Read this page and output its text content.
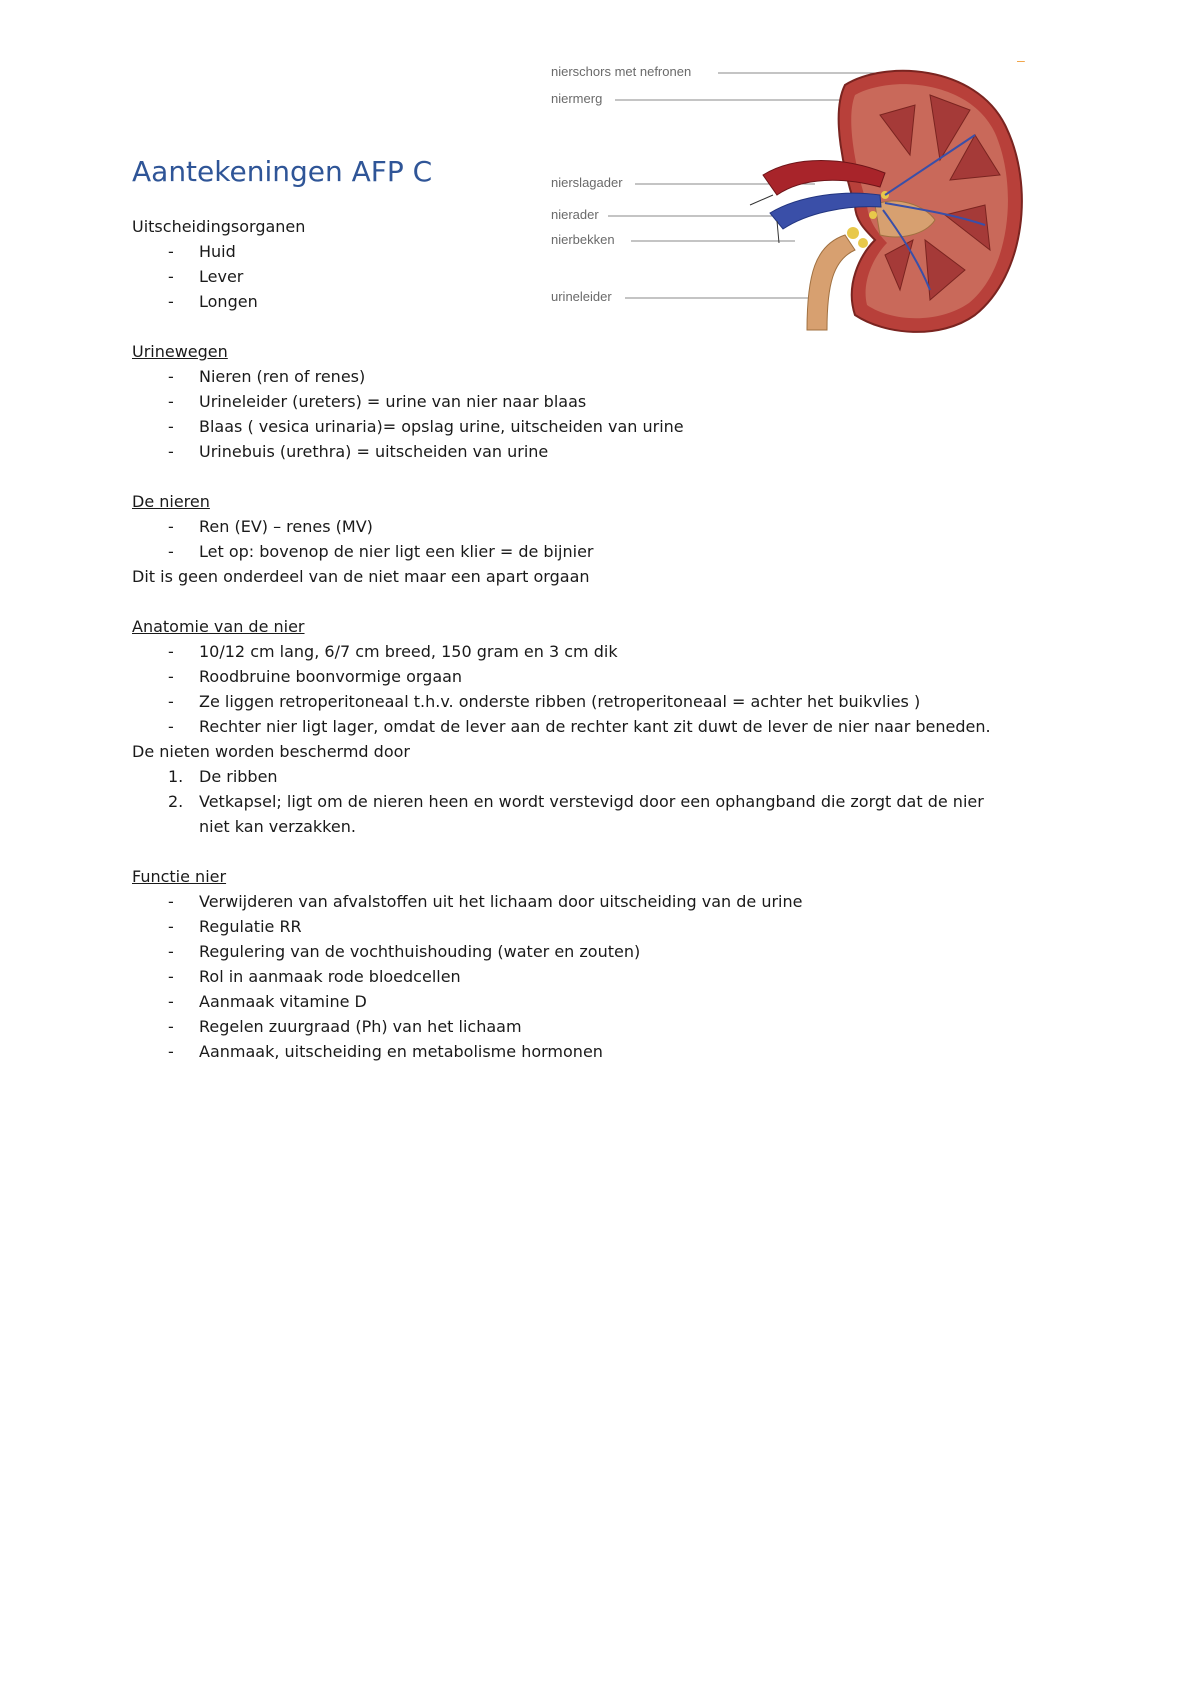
nierschors met nefronen
niermerg
nierslagader
nierader
nierbekken
urineleider
–
Aantekeningen AFP C

Uitscheidingsorganen

- Huid
- Lever
- Longen

Urinewegen

- Nieren (ren of renes)
- Urineleider (ureters) = urine van nier naar blaas
- Blaas ( vesica urinaria)= opslag urine, uitscheiden van urine
- Urinebuis (urethra) = uitscheiden van urine

De nieren

- Ren (EV) – renes (MV)
- Let op: bovenop de nier ligt een klier = de bijnier

Dit is geen onderdeel van de niet maar een apart orgaan

Anatomie van de nier

- 10/12 cm lang, 6/7 cm breed, 150 gram en 3 cm dik
- Roodbruine boonvormige orgaan
- Ze liggen retroperitoneaal t.h.v. onderste ribben (retroperitoneaal = achter het buikvlies )
- Rechter nier ligt lager, omdat de lever aan de rechter kant zit duwt de lever de nier naar beneden.

De nieten worden beschermd door

1. De ribben
2. Vetkapsel; ligt om de nieren heen en wordt verstevigd door een ophangband die zorgt dat de nier niet kan verzakken.

Functie nier

- Verwijderen van afvalstoffen uit het lichaam door uitscheiding van de urine
- Regulatie RR
- Regulering van de vochthuishouding (water en zouten)
- Rol in aanmaak rode bloedcellen
- Aanmaak vitamine D
- Regelen zuurgraad (Ph) van het lichaam
- Aanmaak, uitscheiding en metabolisme hormonen
